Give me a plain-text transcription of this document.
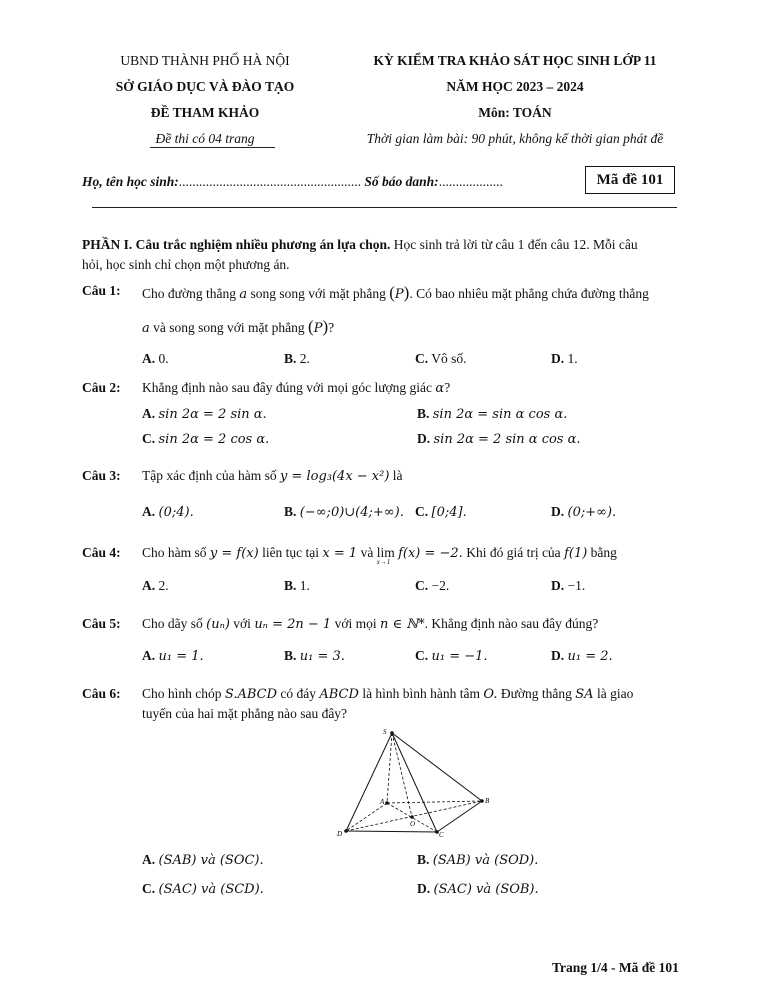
UBND THÀNH PHỐ HÀ NỘI
SỞ GIÁO DỤC VÀ ĐÀO TẠO
ĐỀ THAM KHẢO
Đề thi có 04 trang
KỲ KIỂM TRA KHẢO SÁT HỌC SINH LỚP 11
NĂM HỌC 2023 – 2024
Môn: TOÁN
Thời gian làm bài: 90 phút, không kể thời gian phát đề
Họ, tên học sinh:...................................................... Số báo danh:...................	Mã đề 101
PHẦN I. Câu trắc nghiệm nhiều phương án lựa chọn. Học sinh trả lời từ câu 1 đến câu 12. Mỗi câu
hỏi, học sinh chỉ chọn một phương án.
Câu 1:	Cho đường thẳng a song song với mặt phẳng (P). Có bao nhiêu mặt phẳng chứa đường thẳng
a và song song với mặt phẳng (P)?
A. 0.	B. 2.	C. Vô số.	D. 1.
Câu 2:	Khẳng định nào sau đây đúng với mọi góc lượng giác α?
A. sin 2α = 2 sin α.	B. sin 2α = sin α cos α.
C. sin 2α = 2 cos α.	D. sin 2α = 2 sin α cos α.
Câu 3:	Tập xác định của hàm số y = log₃(4x − x²) là
A. (0;4).	B. (−∞;0)∪(4;+∞). C. [0;4].	D. (0;+∞).
Câu 4:	Cho hàm số y = f(x) liên tục tại x = 1 và lim
x→1
f(x) = −2. Khi đó giá trị của f(1) bằng
A. 2.	B. 1.	C. −2.	D. −1.
Câu 5:	Cho dãy số (uₙ) với uₙ = 2n − 1 với mọi n ∈ ℕ*. Khẳng định nào sau đây đúng?
A. u₁ = 1.	B. u₁ = 3.	C. u₁ = −1.	D. u₁ = 2.
Câu 6:	Cho hình chóp S.ABCD có đáy ABCD là hình bình hành tâm O. Đường thẳng SA là giao
tuyến của hai mặt phẳng nào sau đây?
S
A	B
C
D
O
A. (SAB) và (SOC).	B. (SAB) và (SOD).
C. (SAC) và (SCD).	D. (SAC) và (SOB).
Trang 1/4 - Mã đề 101
